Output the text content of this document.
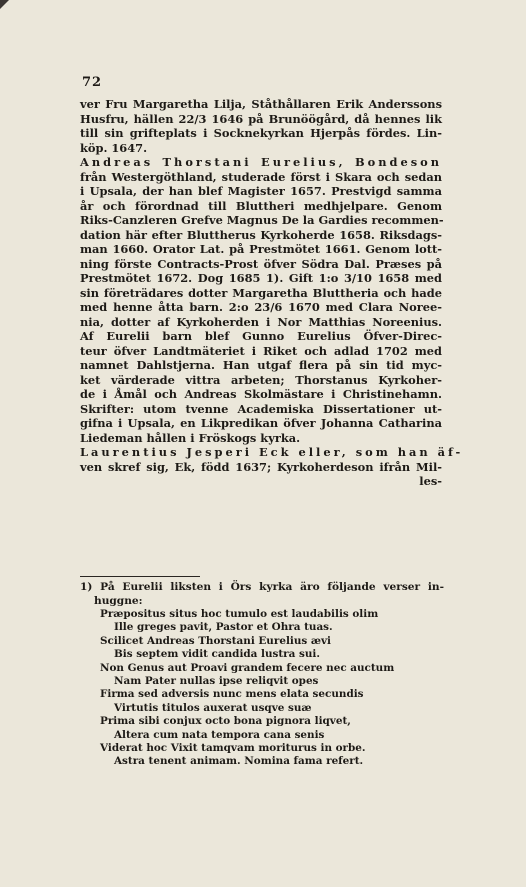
72
ver Fru Margaretha Lilja, Ståthållaren Erik Anderssons
Husfru, hällen 22/3 1646 på Brunöögård, då hennes lik
till sin grifteplats i Socknekyrkan Hjerpås fördes. Lin-
köp. 1647.
Andreas Thorstani Eurelius, Bondeson
från Westergöthland, studerade först i Skara och sedan
i Upsala, der han blef Magister 1657. Prestvigd samma
år och förordnad till Bluttheri medhjelpare. Genom
Riks-Canzleren Grefve Magnus De la Gardies recommen-
dation här efter Bluttherus Kyrkoherde 1658. Riksdags-
man 1660. Orator Lat. på Prestmötet 1661. Genom lott-
ning förste Contracts-Prost öfver Södra Dal. Præses på
Prestmötet 1672. Dog 1685 1). Gift 1:o 3/10 1658 med
sin företrädares dotter Margaretha Bluttheria och hade
med henne åtta barn. 2:o 23/6 1670 med Clara Noree-
nia, dotter af Kyrkoherden i Nor Matthias Noreenius.
Af Eurelii barn blef Gunno Eurelius Öfver-Direc-
teur öfver Landtmäteriet i Riket och adlad 1702 med
namnet Dahlstjerna. Han utgaf flera på sin tid myc-
ket värderade vittra arbeten; Thorstanus Kyrkoher-
de i Åmål och Andreas Skolmästare i Christinehamn.
Skrifter: utom tvenne Academiska Dissertationer ut-
gifna i Upsala, en Likpredikan öfver Johanna Catharina
Liedeman hållen i Fröskogs kyrka.
Laurentius Jesperi Eck eller, som han äf-
ven skref sig, Ek, född 1637; Kyrkoherdeson ifrån Mil-
les-
1) På Eurelii liksten i Örs kyrka äro följande verser in-
huggne:
Præpositus situs hoc tumulo est laudabilis olim
Ille greges pavit, Pastor et Ohra tuas.
Scilicet Andreas Thorstani Eurelius ævi
Bis septem vidit candida lustra sui.
Non Genus aut Proavi grandem fecere nec auctum
Nam Pater nullas ipse reliqvit opes
Firma sed adversis nunc mens elata secundis
Virtutis titulos auxerat usqve suæ
Prima sibi conjux octo bona pignora liqvet,
Altera cum nata tempora cana senis
Viderat hoc Vixit tamqvam moriturus in orbe.
Astra tenent animam. Nomina fama refert.
